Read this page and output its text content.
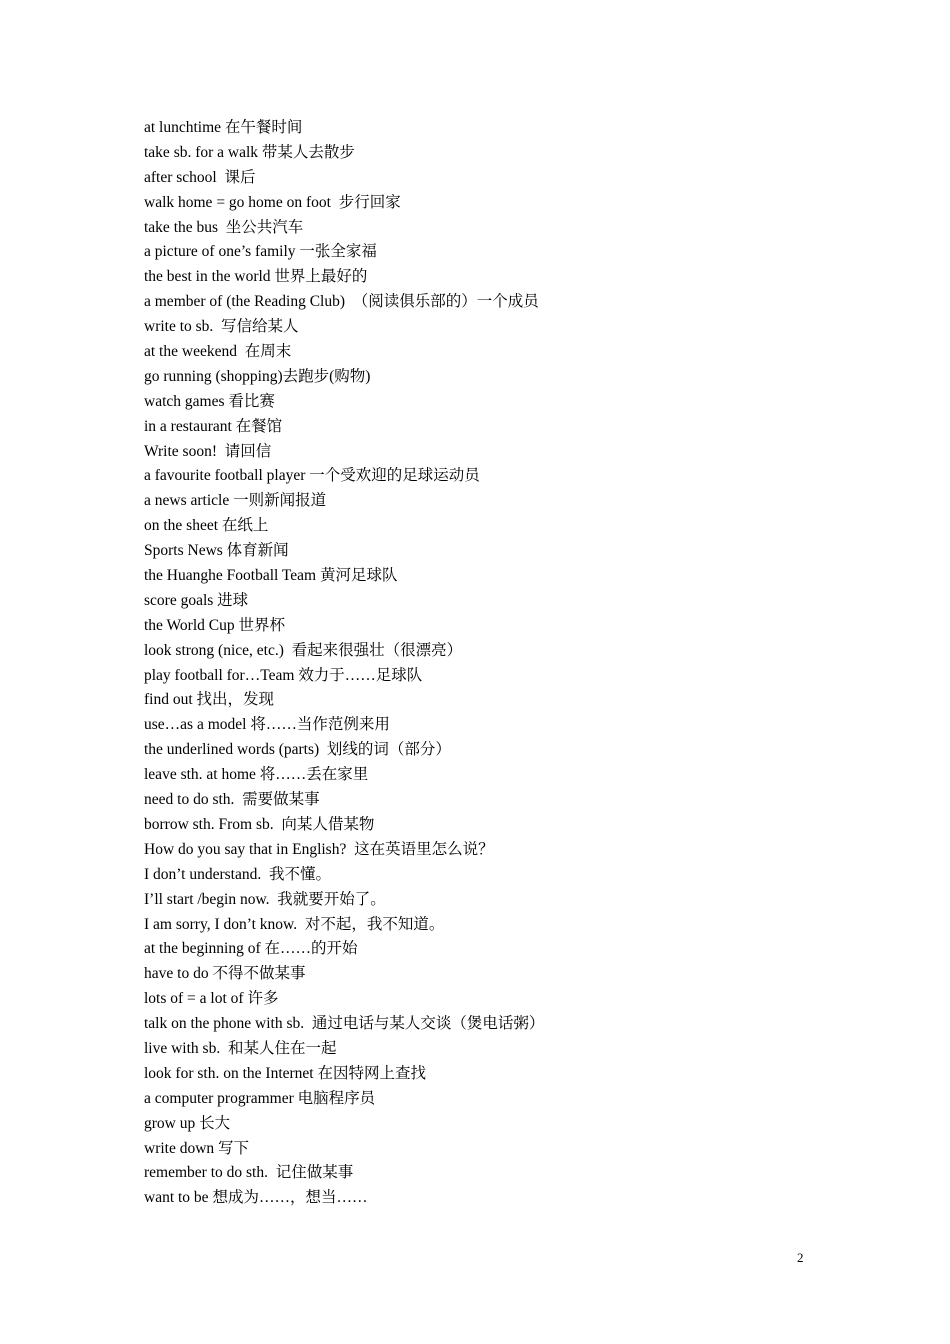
at lunchtime 在午餐时间
take sb. for a walk 带某人去散步
after school  课后
walk home = go home on foot  步行回家
take the bus  坐公共汽车
a picture of one’s family 一张全家福
the best in the world 世界上最好的
a member of (the Reading Club)  （阅读俱乐部的）一个成员
write to sb.  写信给某人
at the weekend  在周末
go running (shopping)去跑步(购物)
watch games 看比赛
in a restaurant 在餐馆
Write soon!  请回信
a favourite football player 一个受欢迎的足球运动员
a news article 一则新闻报道
on the sheet 在纸上
Sports News 体育新闻
the Huanghe Football Team 黄河足球队
score goals 进球
the World Cup 世界杯
look strong (nice, etc.)  看起来很强壮（很漂亮）
play football for…Team 效力于……足球队
find out 找出，发现
use…as a model 将……当作范例来用
the underlined words (parts)  划线的词（部分）
leave sth. at home 将……丢在家里
need to do sth.  需要做某事
borrow sth. From sb.  向某人借某物
How do you say that in English?  这在英语里怎么说？
I don’t understand.  我不懂。
I’ll start /begin now.  我就要开始了。
I am sorry, I don’t know.  对不起，我不知道。
at the beginning of 在……的开始
have to do 不得不做某事
lots of = a lot of 许多
talk on the phone with sb.  通过电话与某人交谈（煲电话粥）
live with sb.  和某人住在一起
look for sth. on the Internet 在因特网上查找
a computer programmer 电脑程序员
grow up 长大
write down 写下
remember to do sth.  记住做某事
want to be 想成为……，想当……
2
